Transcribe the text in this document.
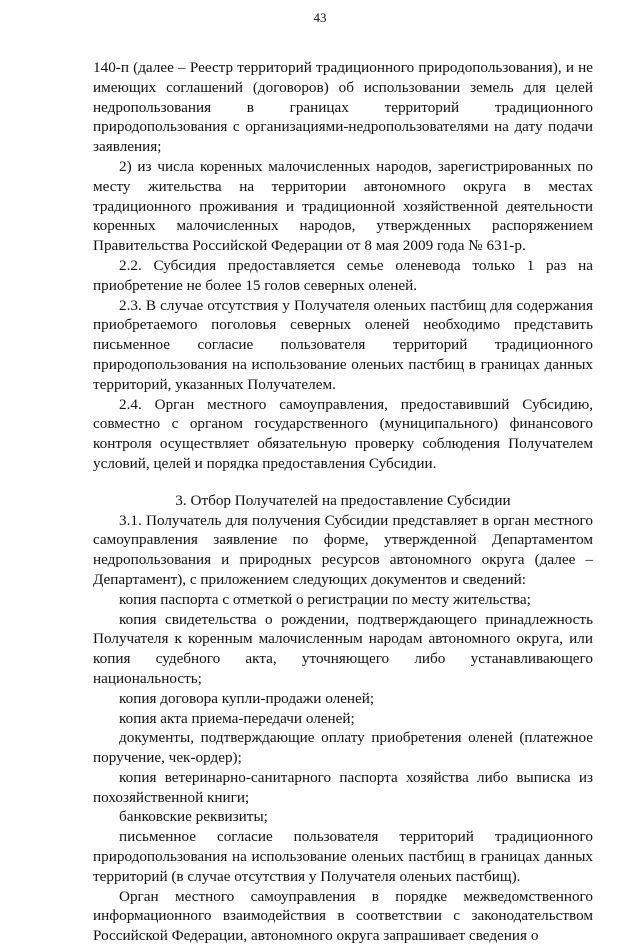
43

140-п (далее – Реестр территорий традиционного природопользования), и не имеющих соглашений (договоров) об использовании земель для целей недропользования в границах территорий традиционного природопользования с организациями-недропользователями на дату подачи заявления;

2) из числа коренных малочисленных народов, зарегистрированных по месту жительства на территории автономного округа в местах традиционного проживания и традиционной хозяйственной деятельности коренных малочисленных народов, утвержденных распоряжением Правительства Российской Федерации от 8 мая 2009 года № 631-р.

2.2. Субсидия предоставляется семье оленевода только 1 раз на приобретение не более 15 голов северных оленей.

2.3. В случае отсутствия у Получателя оленьих пастбищ для содержания приобретаемого поголовья северных оленей необходимо представить письменное согласие пользователя территорий традиционного природопользования на использование оленьих пастбищ в границах данных территорий, указанных Получателем.

2.4. Орган местного самоуправления, предоставивший Субсидию, совместно с органом государственного (муниципального) финансового контроля осуществляет обязательную проверку соблюдения Получателем условий, целей и порядка предоставления Субсидии.

3. Отбор Получателей на предоставление Субсидии

3.1. Получатель для получения Субсидии представляет в орган местного самоуправления заявление по форме, утвержденной Департаментом недропользования и природных ресурсов автономного округа (далее – Департамент), с приложением следующих документов и сведений:

копия паспорта с отметкой о регистрации по месту жительства;

копия свидетельства о рождении, подтверждающего принадлежность Получателя к коренным малочисленным народам автономного округа, или копия судебного акта, уточняющего либо устанавливающего национальность;

копия договора купли-продажи оленей;

копия акта приема-передачи оленей;

документы, подтверждающие оплату приобретения оленей (платежное поручение, чек-ордер);

копия ветеринарно-санитарного паспорта хозяйства либо выписка из похозяйственной книги;

банковские реквизиты;

письменное согласие пользователя территорий традиционного природопользования на использование оленьих пастбищ в границах данных территорий (в случае отсутствия у Получателя оленьих пастбищ).

Орган местного самоуправления в порядке межведомственного информационного взаимодействия в соответствии с законодательством Российской Федерации, автономного округа запрашивает сведения о
